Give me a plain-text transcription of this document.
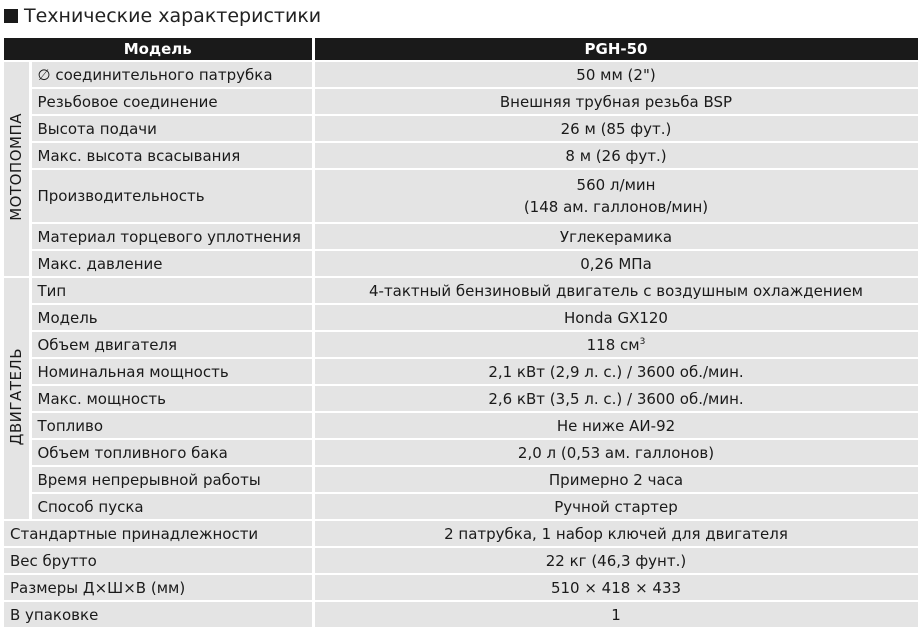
Технические характеристики
Модель		PGH-50
МОТОПОМПА	∅ соединительного патрубка	50 мм (2")
	Резьбовое соединение	Внешняя трубная резьба BSP
	Высота подачи	26 м (85 фут.)
	Макс. высота всасывания	8 м (26 фут.)
	Производительность	560 л/мин
(148 ам. галлонов/мин)

	Материал торцевого уплотнения	Углекерамика
	Макс. давление	0,26 МПа
ДВИГАТЕЛЬ	Тип	4-тактный бензиновый двигатель с воздушным охлаждением
	Модель	Honda GX120
	Объем двигателя	118 $см^3$
	Номинальная мощность	2,1 кВт (2,9 л. с.) / 3600 об./мин.
	Макс. мощность	2,6 кВт (3,5 л. с.) / 3600 об./мин.
	Топливо	Не ниже АИ-92
	Объем топливного бака	2,0 л (0,53 ам. галлонов)
	Время непрерывной работы	Примерно 2 часа
	Способ пуска	Ручной стартер
Стандартные принадлежности		2 патрубка, 1 набор ключей для двигателя
Вес брутто		22 кг (46,3 фунт.)
Размеры Д×Ш×В (мм)		510 × 418 × 433
В упаковке		1
